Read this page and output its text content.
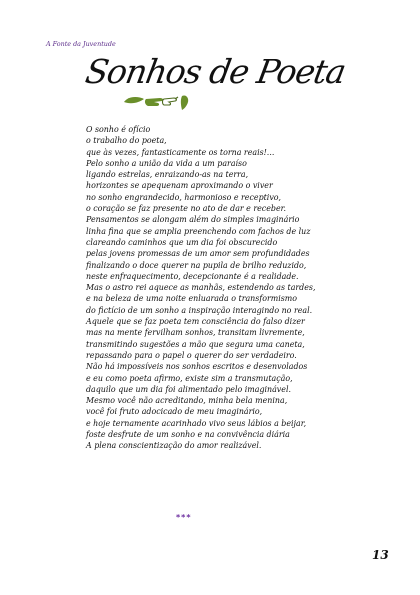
A Fonte da Juventude
Sonhos de Poeta
O sonho é ofício
o trabalho do poeta,
que às vezes, fantasticamente os torna reais!...
Pelo sonho a união da vida a um paraíso
ligando estrelas, enraizando-as na terra,
horizontes se apequenam aproximando o viver
no sonho engrandecido, harmonioso e receptivo,
o coração se faz presente no ato de dar e receber.
Pensamentos se alongam além do simples imaginário
linha fina que se amplia preenchendo com fachos de luz
clareando caminhos que um dia foi obscurecido
pelas jovens promessas de um amor sem profundidades
finalizando o doce querer na pupila de brilho reduzido,
neste enfraquecimento, decepcionante é a realidade.
Mas o astro rei aquece as manhãs, estendendo as tardes,
e na beleza de uma noite enluarada o transformismo
do fictício de um sonho a inspiração interagindo no real.
Aquele que se faz poeta tem consciência do falso dizer
mas na mente fervilham sonhos, transitam livremente,
transmitindo sugestões a mão que segura uma caneta,
repassando para o papel o querer do ser verdadeiro.
Não há impossíveis nos sonhos escritos e desenvolados
e eu como poeta afirmo, existe sim a transmutação,
daquilo que um dia foi alimentado pelo imaginável.
Mesmo você não acreditando, minha bela menina,
você foi fruto adocicado de meu imaginário,
e hoje ternamente acarinhado vivo seus lábios a beijar,
foste desfrute de um sonho e na convivência diária
A plena conscientização do amor realizável.
***
13
